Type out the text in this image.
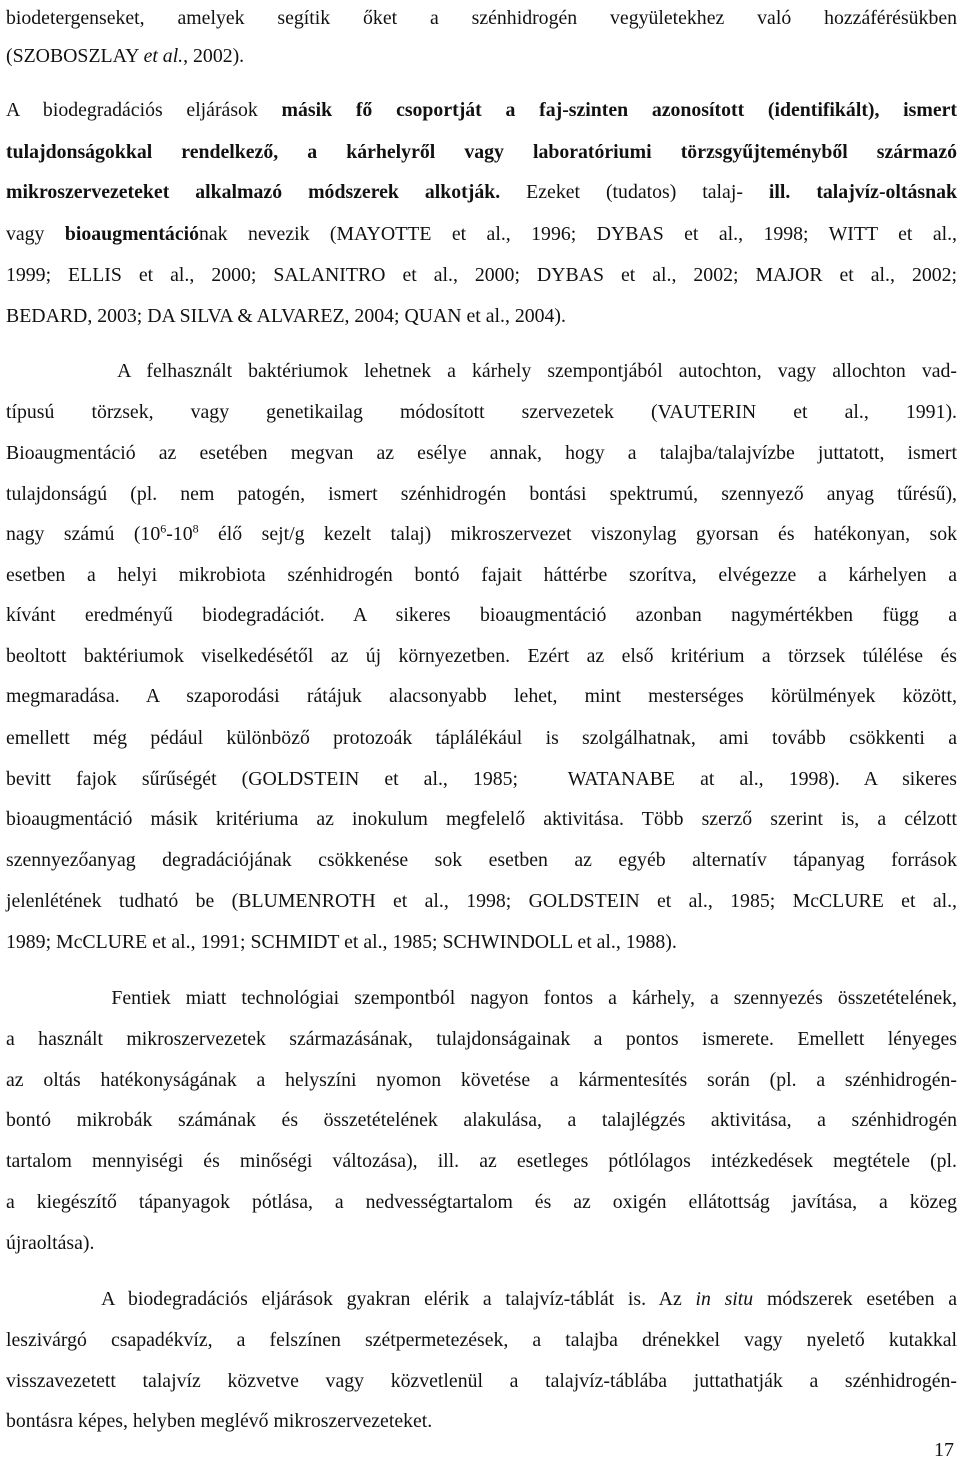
biodetergenseket, amelyek segítik őket a szénhidrogén vegyületekhez való hozzáférésükben
(SZOBOSZLAY et al., 2002).
A biodegradációs eljárások másik fő csoportját a faj-szinten azonosított (identifikált), ismert
tulajdonságokkal rendelkező, a kárhelyről vagy laboratóriumi törzsgyűjteményből származó
mikroszervezeteket alkalmazó módszerek alkotják. Ezeket (tudatos) talaj- ill. talajvíz-oltásnak
vagy bioaugmentációnak nevezik (MAYOTTE et al., 1996; DYBAS et al., 1998; WITT et al.,
1999; ELLIS et al., 2000; SALANITRO et al., 2000; DYBAS et al., 2002; MAJOR et al., 2002;
BEDARD, 2003; DA SILVA & ALVAREZ, 2004; QUAN et al., 2004).
A felhasznált baktériumok lehetnek a kárhely szempontjából autochton, vagy allochton vad-
típusú törzsek, vagy genetikailag módosított szervezetek (VAUTERIN et al., 1991).
Bioaugmentáció az esetében megvan az esélye annak, hogy a talajba/talajvízbe juttatott, ismert
tulajdonságú (pl. nem patogén, ismert szénhidrogén bontási spektrumú, szennyező anyag tűrésű),
nagy számú ($10^6-10^8$ élő sejt/g kezelt talaj) mikroszervezet viszonylag gyorsan és hatékonyan, sok
esetben a helyi mikrobiota szénhidrogén bontó fajait háttérbe szorítva, elvégezze a kárhelyen a
kívánt eredményű biodegradációt. A sikeres bioaugmentáció azonban nagymértékben függ a
beoltott baktériumok viselkedésétől az új környezetben. Ezért az első kritérium a törzsek túlélése és
megmaradása. A szaporodási rátájuk alacsonyabb lehet, mint mesterséges körülmények között,
emellett még pédául különböző protozoák táplálékául is szolgálhatnak, ami tovább csökkenti a
bevitt fajok sűrűségét (GOLDSTEIN et al., 1985;  WATANABE at al., 1998). A sikeres
bioaugmentáció másik kritériuma az inokulum megfelelő aktivitása. Több szerző szerint is, a célzott
szennyezőanyag degradációjának csökkenése sok esetben az egyéb alternatív tápanyag források
jelenlétének tudható be (BLUMENROTH et al., 1998; GOLDSTEIN et al., 1985; McCLURE et al.,
1989; McCLURE et al., 1991; SCHMIDT et al., 1985; SCHWINDOLL et al., 1988).
Fentiek miatt technológiai szempontból nagyon fontos a kárhely, a szennyezés összetételének,
a használt mikroszervezetek származásának, tulajdonságainak a pontos ismerete. Emellett lényeges
az oltás hatékonyságának a helyszíni nyomon követése a kármentesítés során (pl. a szénhidrogén-
bontó mikrobák számának és összetételének alakulása, a talajlégzés aktivitása, a szénhidrogén
tartalom mennyiségi és minőségi változása), ill. az esetleges pótlólagos intézkedések megtétele (pl.
a kiegészítő tápanyagok pótlása, a nedvességtartalom és az oxigén ellátottság javítása, a közeg
újraoltása).
A biodegradációs eljárások gyakran elérik a talajvíz-táblát is. Az in situ módszerek esetében a
leszivárgó csapadékvíz, a felszínen szétpermetezések, a talajba drénekkel vagy nyelető kutakkal
visszavezetett talajvíz közvetve vagy közvetlenül a talajvíz-táblába juttathatják a szénhidrogén-
bontásra képes, helyben meglévő mikroszervezeteket.
17
